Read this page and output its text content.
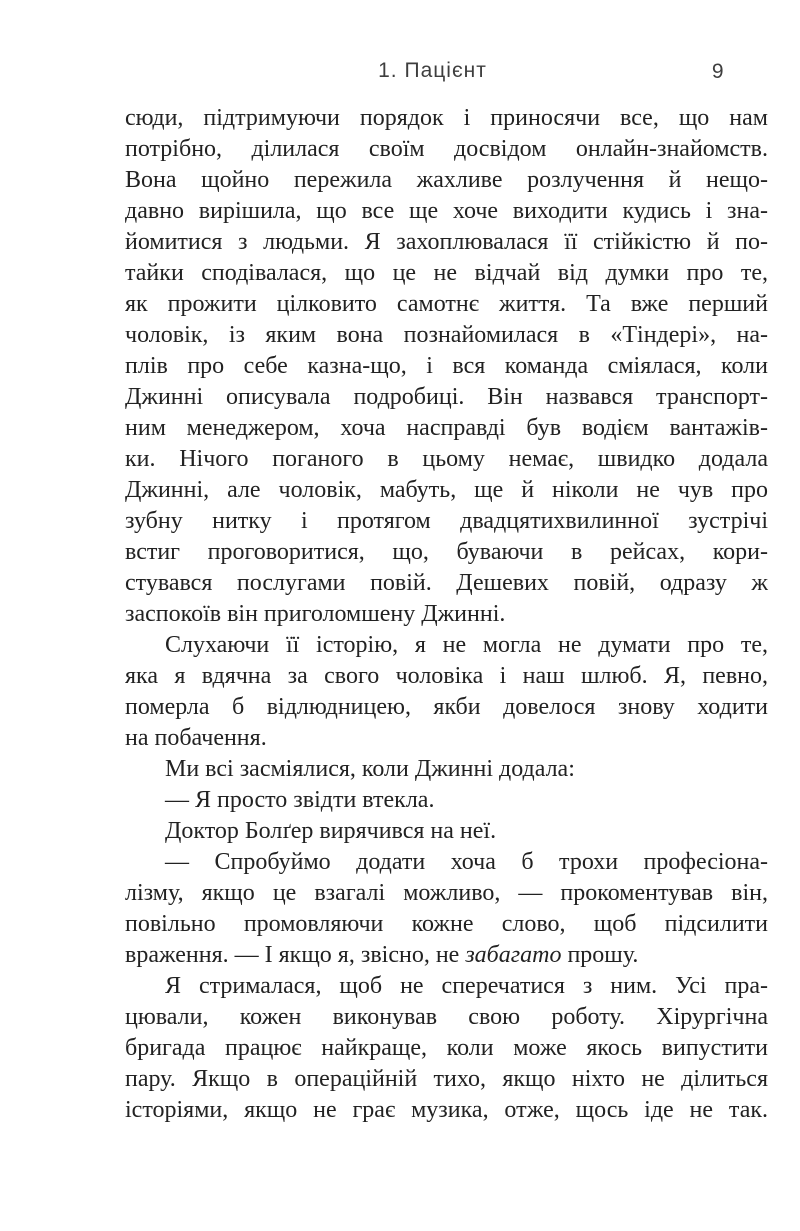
1. Пацієнт	9
сюди, підтримуючи порядок і приносячи все, що нам
потрібно, ділилася своїм досвідом онлайн-знайомств.
Вона щойно пережила жахливе розлучення й нещо-
давно вирішила, що все ще хоче виходити кудись і зна-
йомитися з людьми. Я захоплювалася її стійкістю й по-
тайки сподівалася, що це не відчай від думки про те,
як прожити цілковито самотнє життя. Та вже перший
чоловік, із яким вона познайомилася в «Тіндері», на-
плів про себе казна-що, і вся команда сміялася, коли
Джинні описувала подробиці. Він назвався транспорт-
ним менеджером, хоча насправді був водієм вантажів-
ки. Нічого поганого в цьому немає, швидко додала
Джинні, але чоловік, мабуть, ще й ніколи не чув про
зубну нитку і протягом двадцятихвилинної зустрічі
встиг проговоритися, що, буваючи в рейсах, кори-
стувався послугами повій. Дешевих повій, одразу ж
заспокоїв він приголомшену Джинні.
Слухаючи її історію, я не могла не думати про те,
яка я вдячна за свого чоловіка і наш шлюб. Я, певно,
померла б відлюдницею, якби довелося знову ходити
на побачення.
Ми всі засміялися, коли Джинні додала:
— Я просто звідти втекла.
Доктор Болґер вирячився на неї.
— Спробуймо додати хоча б трохи професіона-
лізму, якщо це взагалі можливо, — прокоментував він,
повільно промовляючи кожне слово, щоб підсилити
враження. — І якщо я, звісно, не забагато прошу.
Я стрималася, щоб не сперечатися з ним. Усі пра-
цювали, кожен виконував свою роботу. Хірургічна
бригада працює найкраще, коли може якось випустити
пару. Якщо в операційній тихо, якщо ніхто не ділиться
історіями, якщо не грає музика, отже, щось іде не так.
